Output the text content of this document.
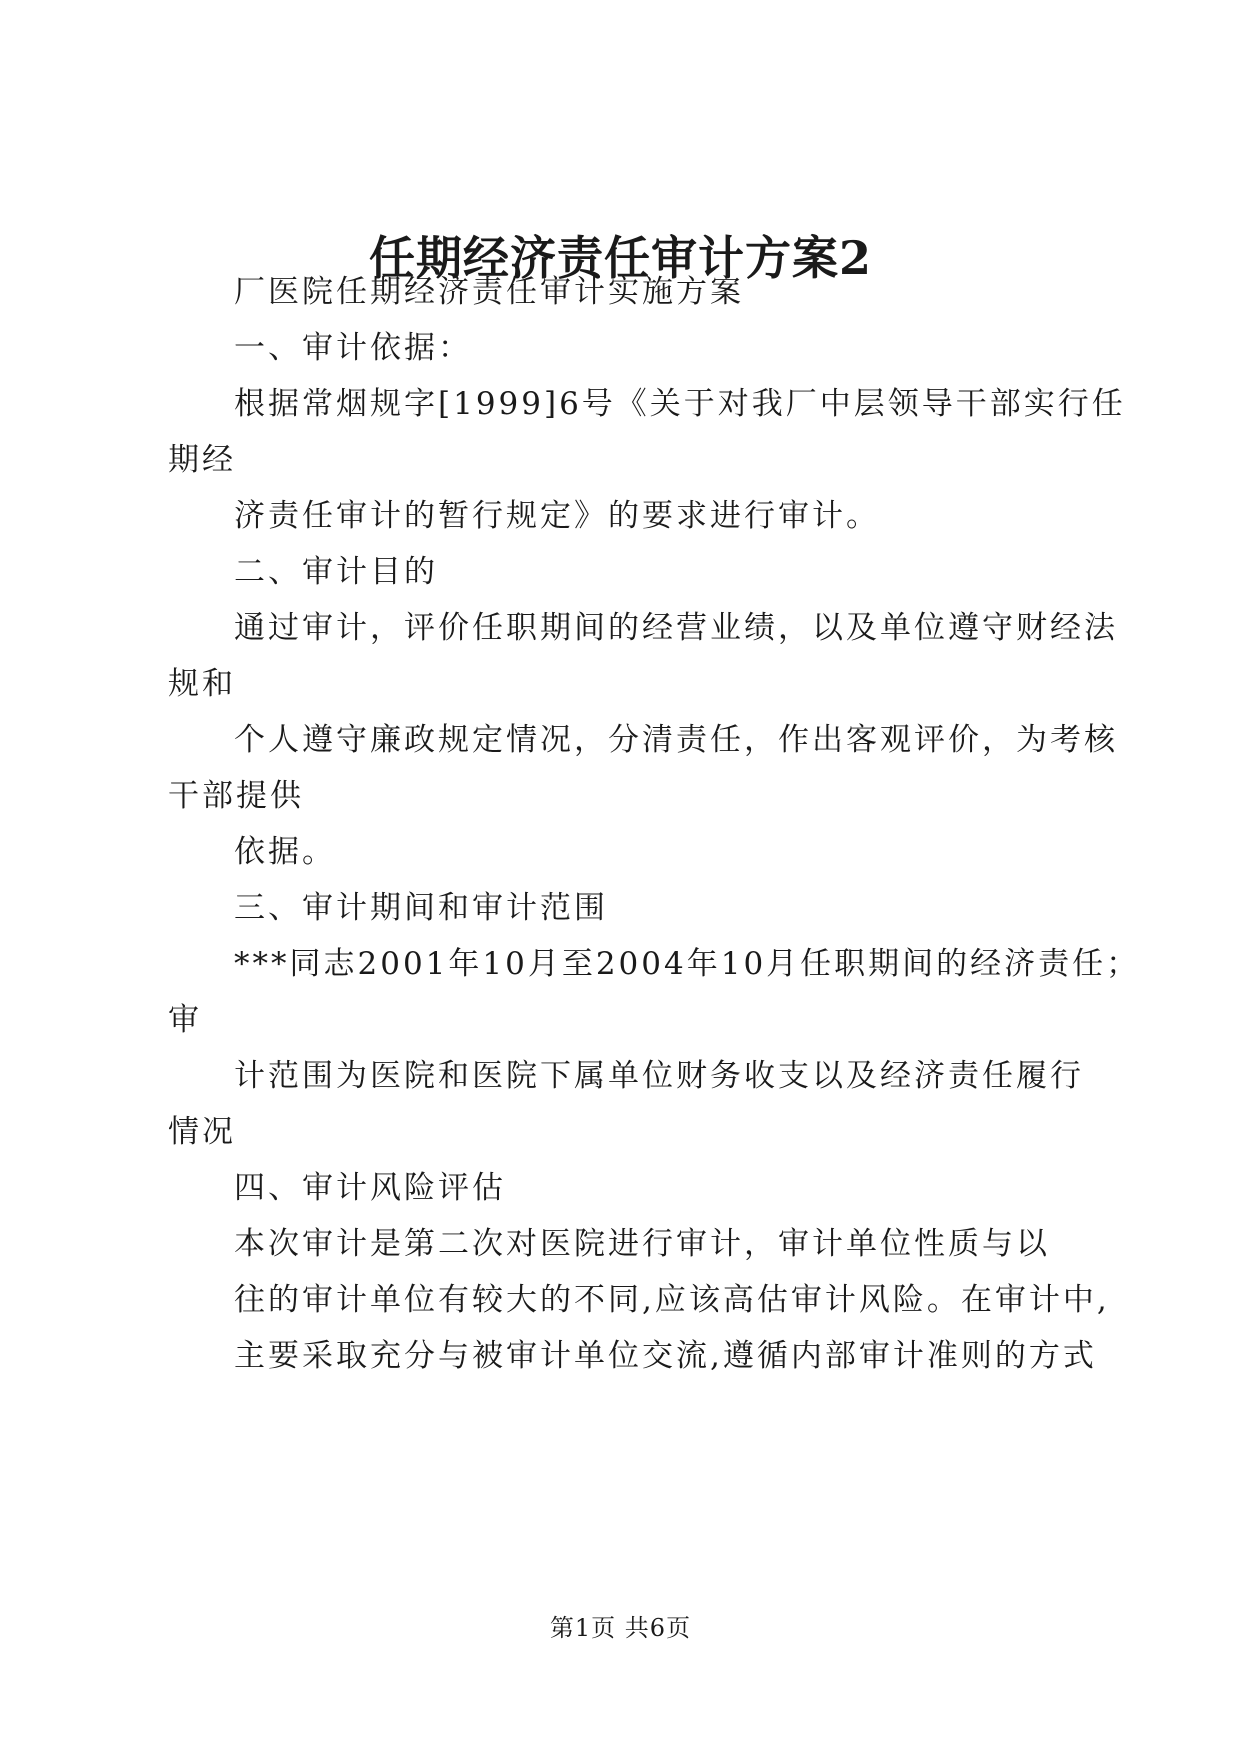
任期经济责任审计方案2
厂医院任期经济责任审计实施方案
一、审计依据：
根据常烟规字[1999]6号《关于对我厂中层领导干部实行任
期经
济责任审计的暂行规定》的要求进行审计。
二、审计目的
通过审计，评价任职期间的经营业绩，以及单位遵守财经法
规和
个人遵守廉政规定情况，分清责任，作出客观评价，为考核
干部提供
依据。
三、审计期间和审计范围
***同志2001年10月至2004年10月任职期间的经济责任；
审
计范围为医院和医院下属单位财务收支以及经济责任履行
情况
四、审计风险评估
本次审计是第二次对医院进行审计，审计单位性质与以
往的审计单位有较大的不同,应该高估审计风险。在审计中,
主要采取充分与被审计单位交流,遵循内部审计准则的方式
第1页 共6页
